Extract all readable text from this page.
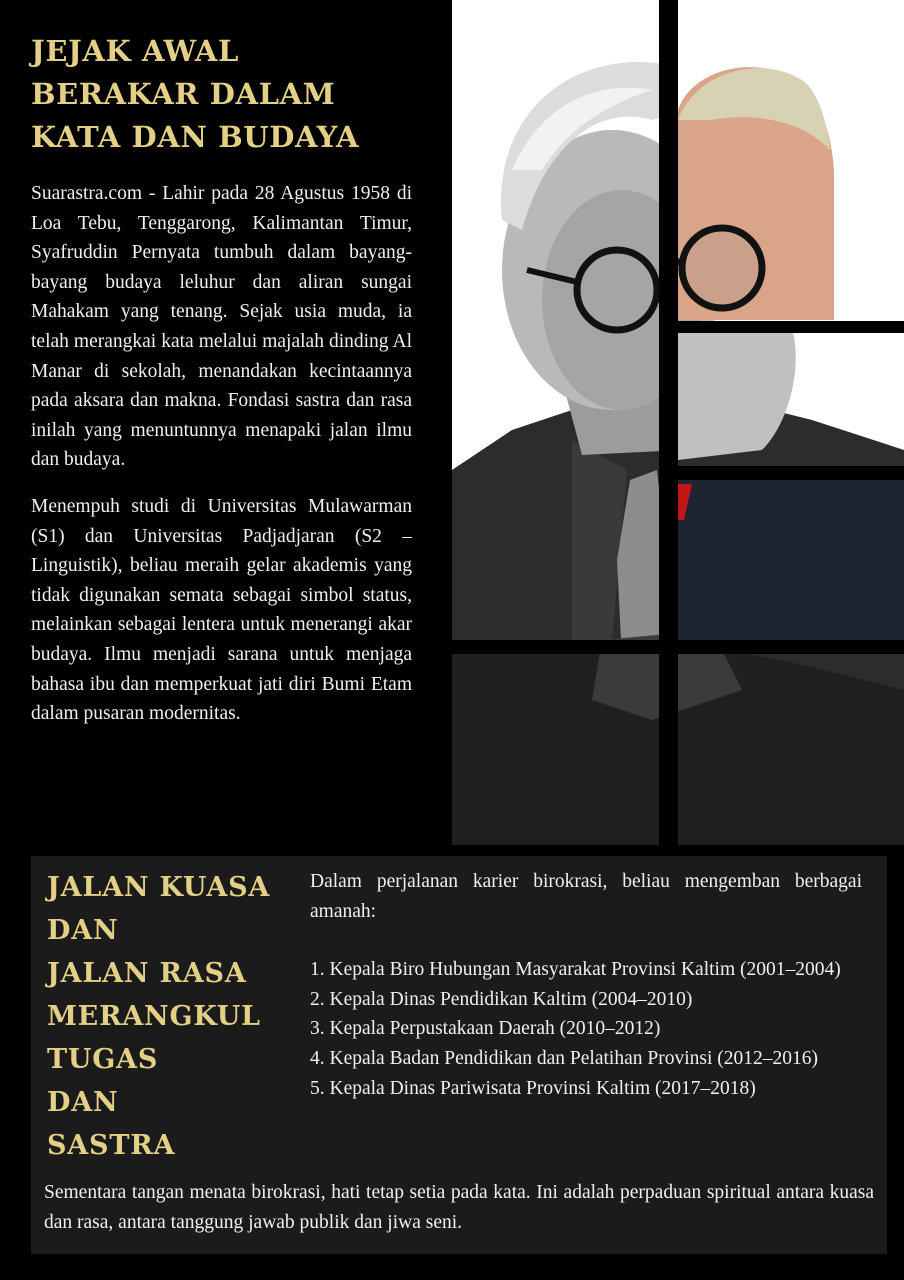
JEJAK AWAL BERAKAR DALAM KATA DAN BUDAYA

Suarastra.com - Lahir pada 28 Agustus 1958 di Loa Tebu, Tenggarong, Kalimantan Timur, Syafruddin Pernyata tumbuh dalam bayang-bayang budaya leluhur dan aliran sungai Mahakam yang tenang. Sejak usia muda, ia telah merangkai kata melalui majalah dinding Al Manar di sekolah, menandakan kecintaannya pada aksara dan makna. Fondasi sastra dan rasa inilah yang menuntunnya menapaki jalan ilmu dan budaya.

Menempuh studi di Universitas Mulawarman (S1) dan Universitas Padjadjaran (S2 – Linguistik), beliau meraih gelar akademis yang tidak digunakan semata sebagai simbol status, melainkan sebagai lentera untuk menerangi akar budaya. Ilmu menjadi sarana untuk menjaga bahasa ibu dan memperkuat jati diri Bumi Etam dalam pusaran modernitas.

JALAN KUASA
DAN
JALAN RASA
MERANGKUL
TUGAS
DAN
SASTRA

Dalam perjalanan karier birokrasi, beliau mengemban berbagai amanah:

1. Kepala Biro Hubungan Masyarakat Provinsi Kaltim (2001–2004)
2. Kepala Dinas Pendidikan Kaltim (2004–2010)
3. Kepala Perpustakaan Daerah (2010–2012)
4. Kepala Badan Pendidikan dan Pelatihan Provinsi (2012–2016)
5. Kepala Dinas Pariwisata Provinsi Kaltim (2017–2018)

Sementara tangan menata birokrasi, hati tetap setia pada kata. Ini adalah perpaduan spiritual antara kuasa dan rasa, antara tanggung jawab publik dan jiwa seni.
